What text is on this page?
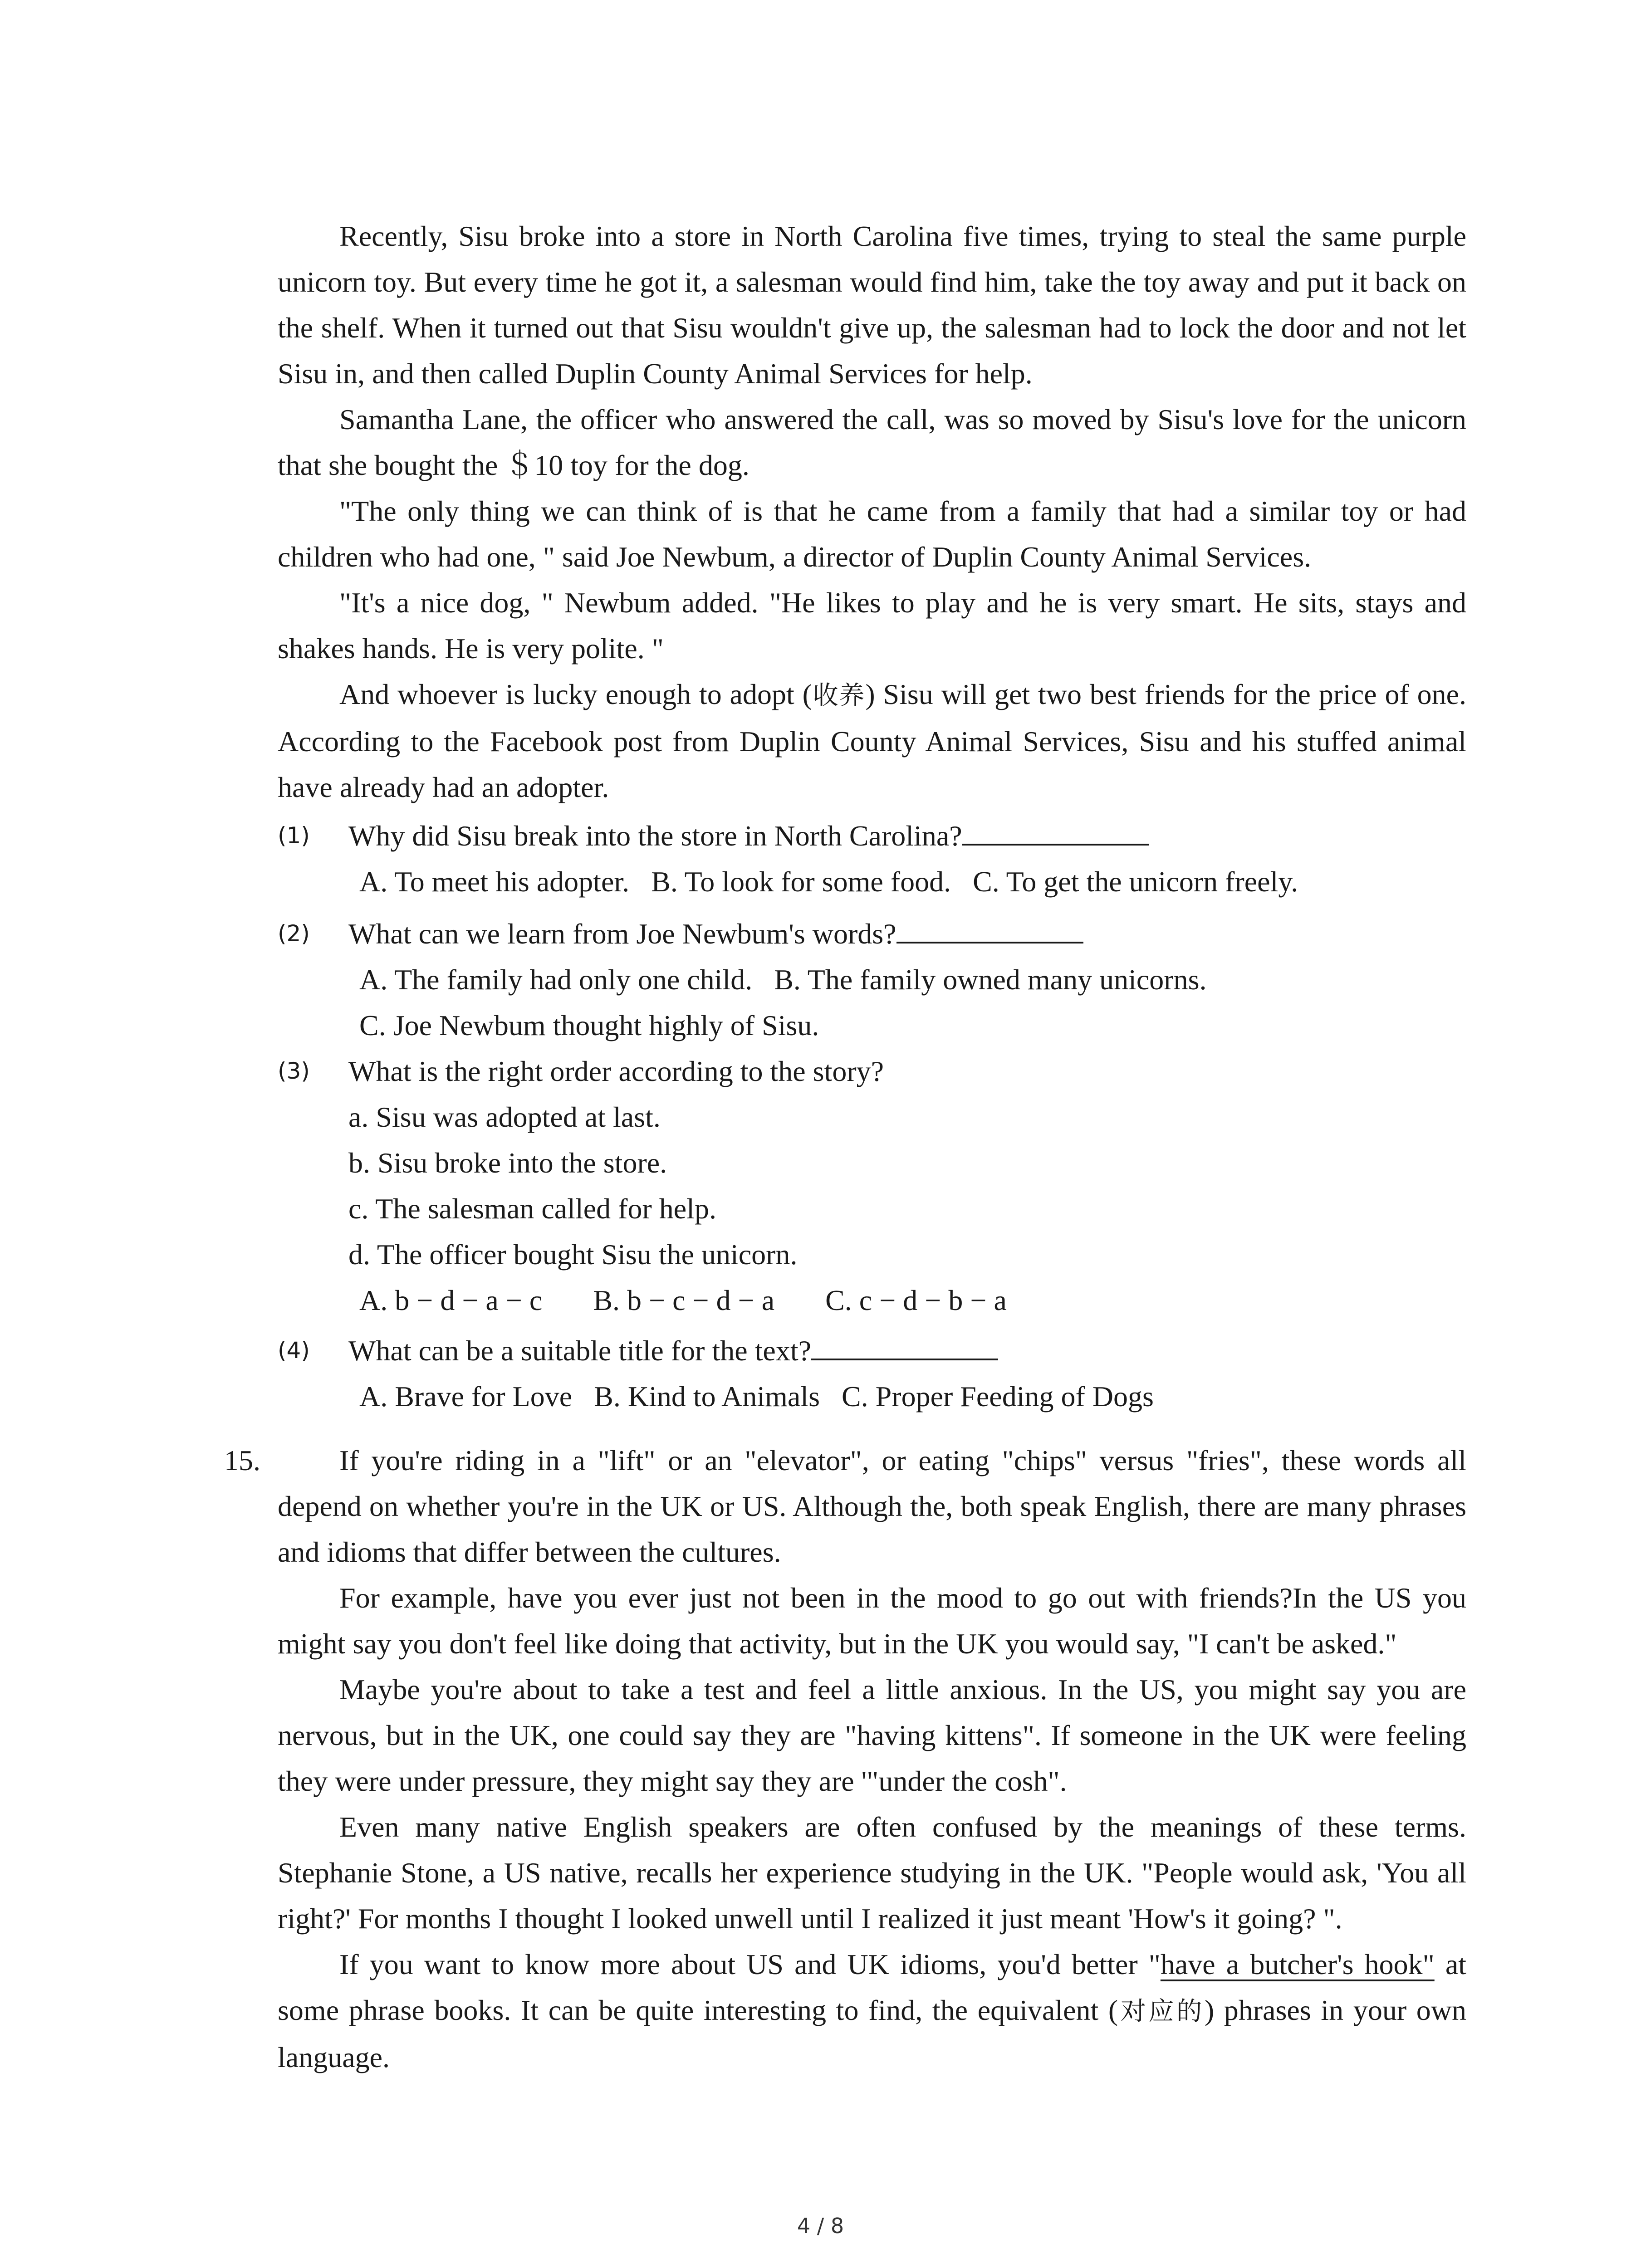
Recently, Sisu broke into a store in North Carolina five times, trying to steal the same purple unicorn toy. But every time he got it, a salesman would find him, take the toy away and put it back on the shelf. When it turned out that Sisu wouldn't give up, the salesman had to lock the door and not let Sisu in, and then called Duplin County Animal Services for help.

Samantha Lane, the officer who answered the call, was so moved by Sisu's love for the unicorn that she bought the ＄10 toy for the dog.

"The only thing we can think of is that he came from a family that had a similar toy or had children who had one, " said Joe Newbum, a director of Duplin County Animal Services.

"It's a nice dog, " Newbum added. "He likes to play and he is very smart. He sits, stays and shakes hands. He is very polite. "

And whoever is lucky enough to adopt (收养) Sisu will get two best friends for the price of one. According to the Facebook post from Duplin County Animal Services, Sisu and his stuffed animal have already had an adopter.

(1) Why did Sisu break into the store in North Carolina?

A. To meet his adopter.   B. To look for some food.   C. To get the unicorn freely.

(2) What can we learn from Joe Newbum's words?

A. The family had only one child.   B. The family owned many unicorns.

C. Joe Newbum thought highly of Sisu.

(3) What is the right order according to the story?

a. Sisu was adopted at last.

b. Sisu broke into the store.

c. The salesman called for help.

d. The officer bought Sisu the unicorn.

A. b − d − a − c       B. b − c − d − a       C. c − d − b − a

(4) What can be a suitable title for the text?

A. Brave for Love   B. Kind to Animals   C. Proper Feeding of Dogs

15.	If you're riding in a "lift" or an "elevator", or eating "chips" versus "fries", these words all depend on whether you're in the UK or US. Although the, both speak English, there are many phrases and idioms that differ between the cultures.

For example, have you ever just not been in the mood to go out with friends?In the US you might say you don't feel like doing that activity, but in the UK you would say, "I can't be asked."

Maybe you're about to take a test and feel a little anxious. In the US, you might say you are nervous, but in the UK, one could say they are "having kittens". If someone in the UK were feeling they were under pressure, they might say they are '"under the cosh".

Even many native English speakers are often confused by the meanings of these terms. Stephanie Stone, a US native, recalls her experience studying in the UK. "People would ask, 'You all right?' For months I thought I looked unwell until I realized it just meant 'How's it going? ".

If you want to know more about US and UK idioms, you'd better "have a butcher's hook" at some phrase books. It can be quite interesting to find, the equivalent (对应的) phrases in your own language.

4 / 8
